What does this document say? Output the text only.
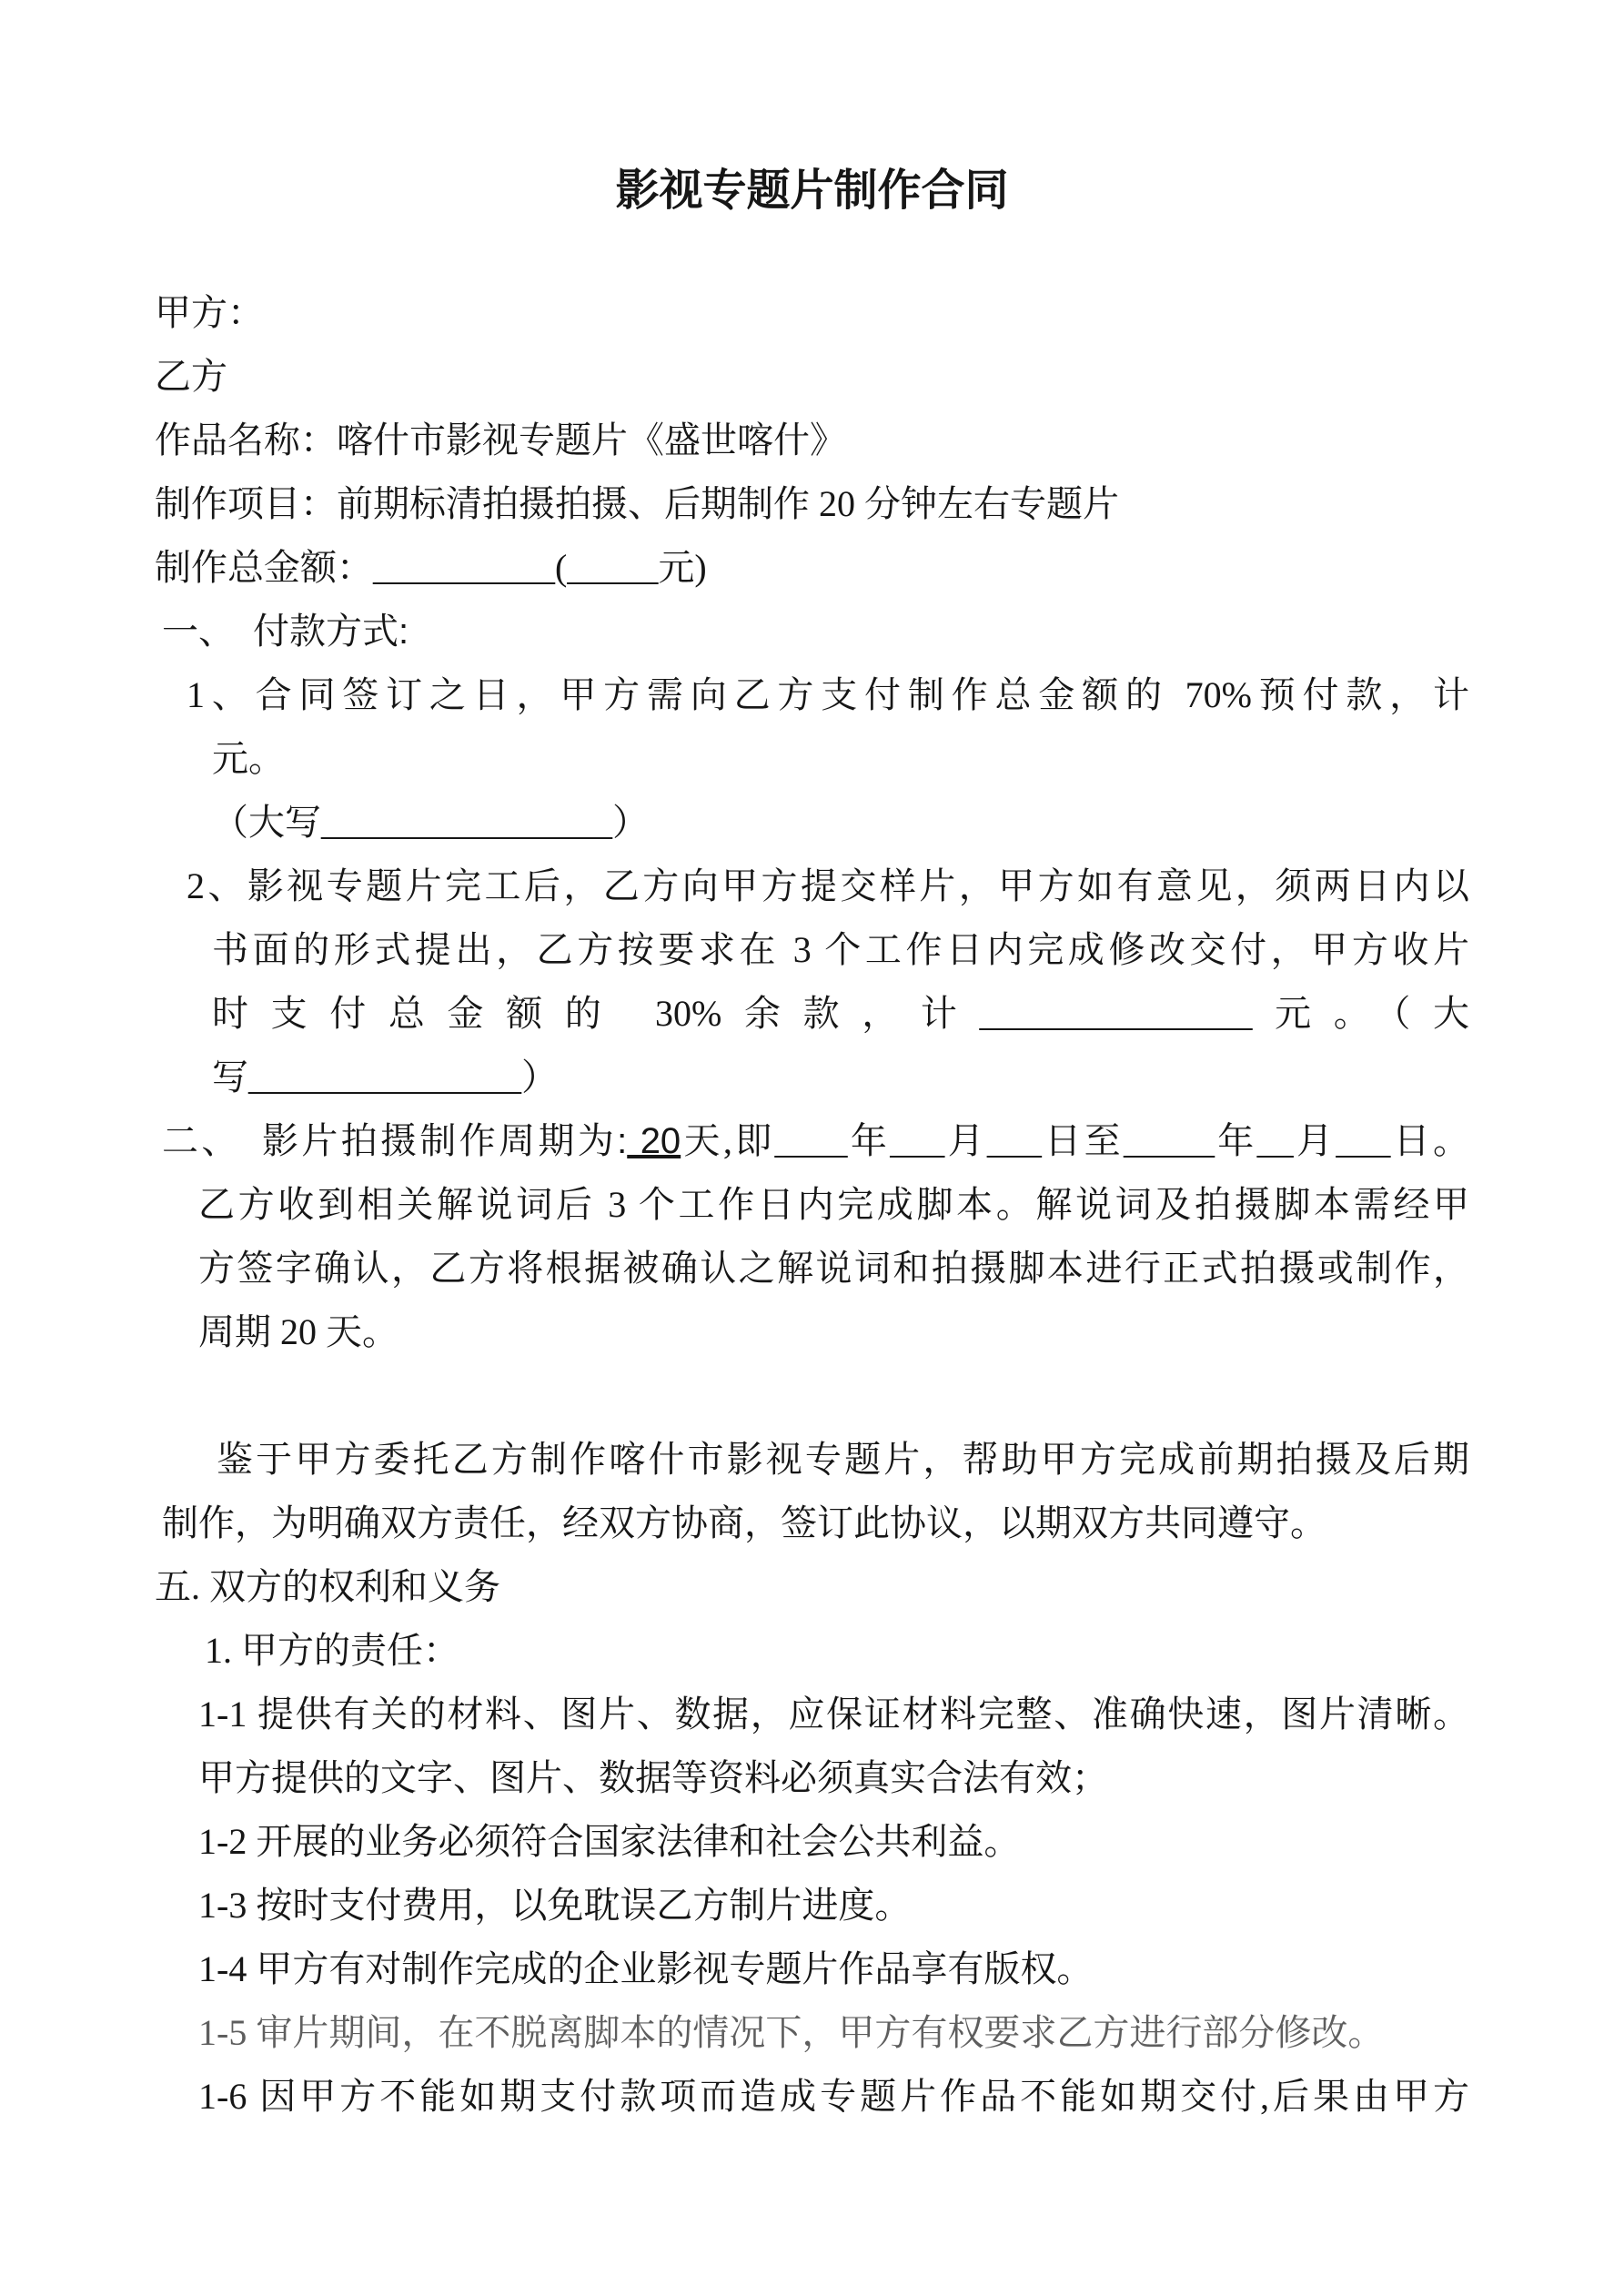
影视专题片制作合同
甲方：
乙方
作品名称：喀什市影视专题片《盛世喀什》
制作项目：前期标清拍摄拍摄、后期制作 20 分钟左右专题片
制作总金额：__________(_____元)
一、　付款方式:
1、合同签订之日，甲方需向乙方支付制作总金额的 70%预付款，计
元。
（大写________________）
2、影视专题片完工后，乙方向甲方提交样片，甲方如有意见，须两日内以
书面的形式提出，乙方按要求在 3 个工作日内完成修改交付，甲方收片
时支付总金额的 30%余款，计_______________元。（大
写_______________）
二、　影片拍摄制作周期为: 20天,即____年___月___日至_____年__月___日。
乙方收到相关解说词后 3 个工作日内完成脚本。解说词及拍摄脚本需经甲
方签字确认，乙方将根据被确认之解说词和拍摄脚本进行正式拍摄或制作，
周期 20 天。
鉴于甲方委托乙方制作喀什市影视专题片，帮助甲方完成前期拍摄及后期
制作，为明确双方责任，经双方协商，签订此协议，以期双方共同遵守。
五. 双方的权利和义务
1. 甲方的责任：
1-1 提供有关的材料、图片、数据，应保证材料完整、准确快速，图片清晰。
甲方提供的文字、图片、数据等资料必须真实合法有效；
1-2 开展的业务必须符合国家法律和社会公共利益。
1-3 按时支付费用，以免耽误乙方制片进度。
1-4 甲方有对制作完成的企业影视专题片作品享有版权。
1-5 审片期间，在不脱离脚本的情况下，甲方有权要求乙方进行部分修改。
1-6 因甲方不能如期支付款项而造成专题片作品不能如期交付,后果由甲方
